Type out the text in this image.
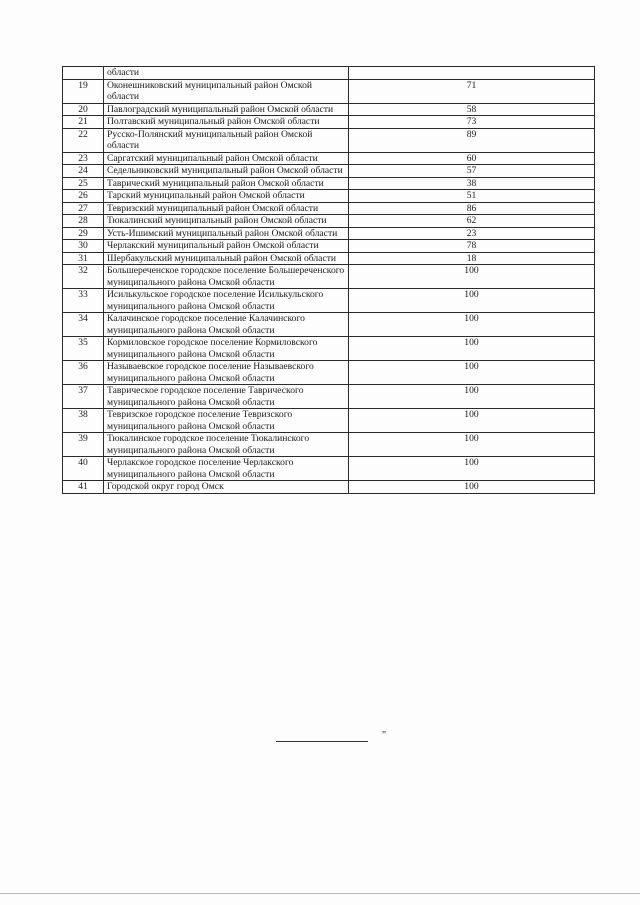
	области	
19	Оконешниковский муниципальный район Омской области	71
20	Павлоградский муниципальный район Омской области	58
21	Полтавский муниципальный район Омской области	73
22	Русско-Полянский муниципальный район Омской области	89
23	Саргатский муниципальный район Омской области	60
24	Седельниковский муниципальный район Омской области	57
25	Таврический муниципальный район Омской области	38
26	Тарский муниципальный район Омской области	51
27	Тевризский муниципальный район Омской области	86
28	Тюкалинский муниципальный район Омской области	62
29	Усть-Ишимский муниципальный район Омской области	23
30	Черлакский муниципальный район Омской области	78
31	Шербакульский муниципальный район Омской области	18
32	Большереченское городское поселение Большереченского муниципального района Омской области	100
33	Исилькульское городское поселение Исилькульского муниципального района Омской области	100
34	Калачинское городское поселение Калачинского муниципального района Омской области	100
35	Кормиловское городское поселение Кормиловского муниципального района Омской области	100
36	Называевское городское поселение Называевского муниципального района Омской области	100
37	Таврическое городское поселение Таврического муниципального района Омской области	100
38	Тевризское городское поселение Тевризского муниципального района Омской области	100
39	Тюкалинское городское поселение Тюкалинского муниципального района Омской области	100
40	Черлакское городское поселение Черлакского муниципального района Омской области	100
41	Городской округ город Омск	100
"
